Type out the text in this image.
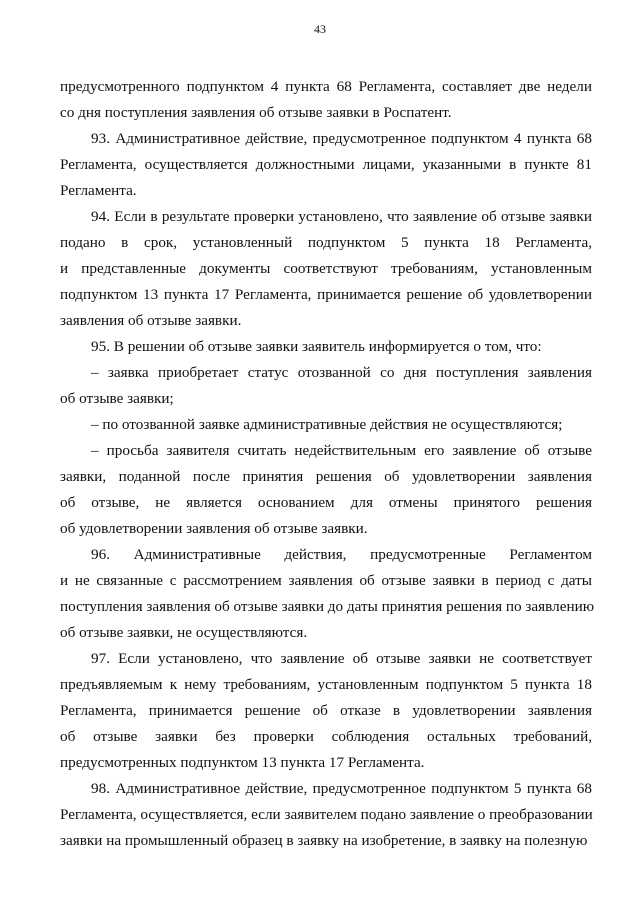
43
предусмотренного подпунктом 4 пункта 68 Регламента, составляет две недели
со дня поступления заявления об отзыве заявки в Роспатент.
93. Административное действие, предусмотренное подпунктом 4 пункта 68
Регламента, осуществляется должностными лицами, указанными в пункте 81
Регламента.
94. Если в результате проверки установлено, что заявление об отзыве заявки
подано в срок, установленный подпунктом 5 пункта 18 Регламента,
и представленные документы соответствуют требованиям, установленным
подпунктом 13 пункта 17 Регламента, принимается решение об удовлетворении
заявления об отзыве заявки.
95. В решении об отзыве заявки заявитель информируется о том, что:
– заявка приобретает статус отозванной со дня поступления заявления
об отзыве заявки;
– по отозванной заявке административные действия не осуществляются;
– просьба заявителя считать недействительным его заявление об отзыве
заявки, поданной после принятия решения об удовлетворении заявления
об отзыве, не является основанием для отмены принятого решения
об удовлетворении заявления об отзыве заявки.
96. Административные действия, предусмотренные Регламентом
и не связанные с рассмотрением заявления об отзыве заявки в период с даты
поступления заявления об отзыве заявки до даты принятия решения по заявлению
об отзыве заявки, не осуществляются.
97. Если установлено, что заявление об отзыве заявки не соответствует
предъявляемым к нему требованиям, установленным подпунктом 5 пункта 18
Регламента, принимается решение об отказе в удовлетворении заявления
об отзыве заявки без проверки соблюдения остальных требований,
предусмотренных подпунктом 13 пункта 17 Регламента.
98. Административное действие, предусмотренное подпунктом 5 пункта 68
Регламента, осуществляется, если заявителем подано заявление о преобразовании
заявки на промышленный образец в заявку на изобретение, в заявку на полезную
